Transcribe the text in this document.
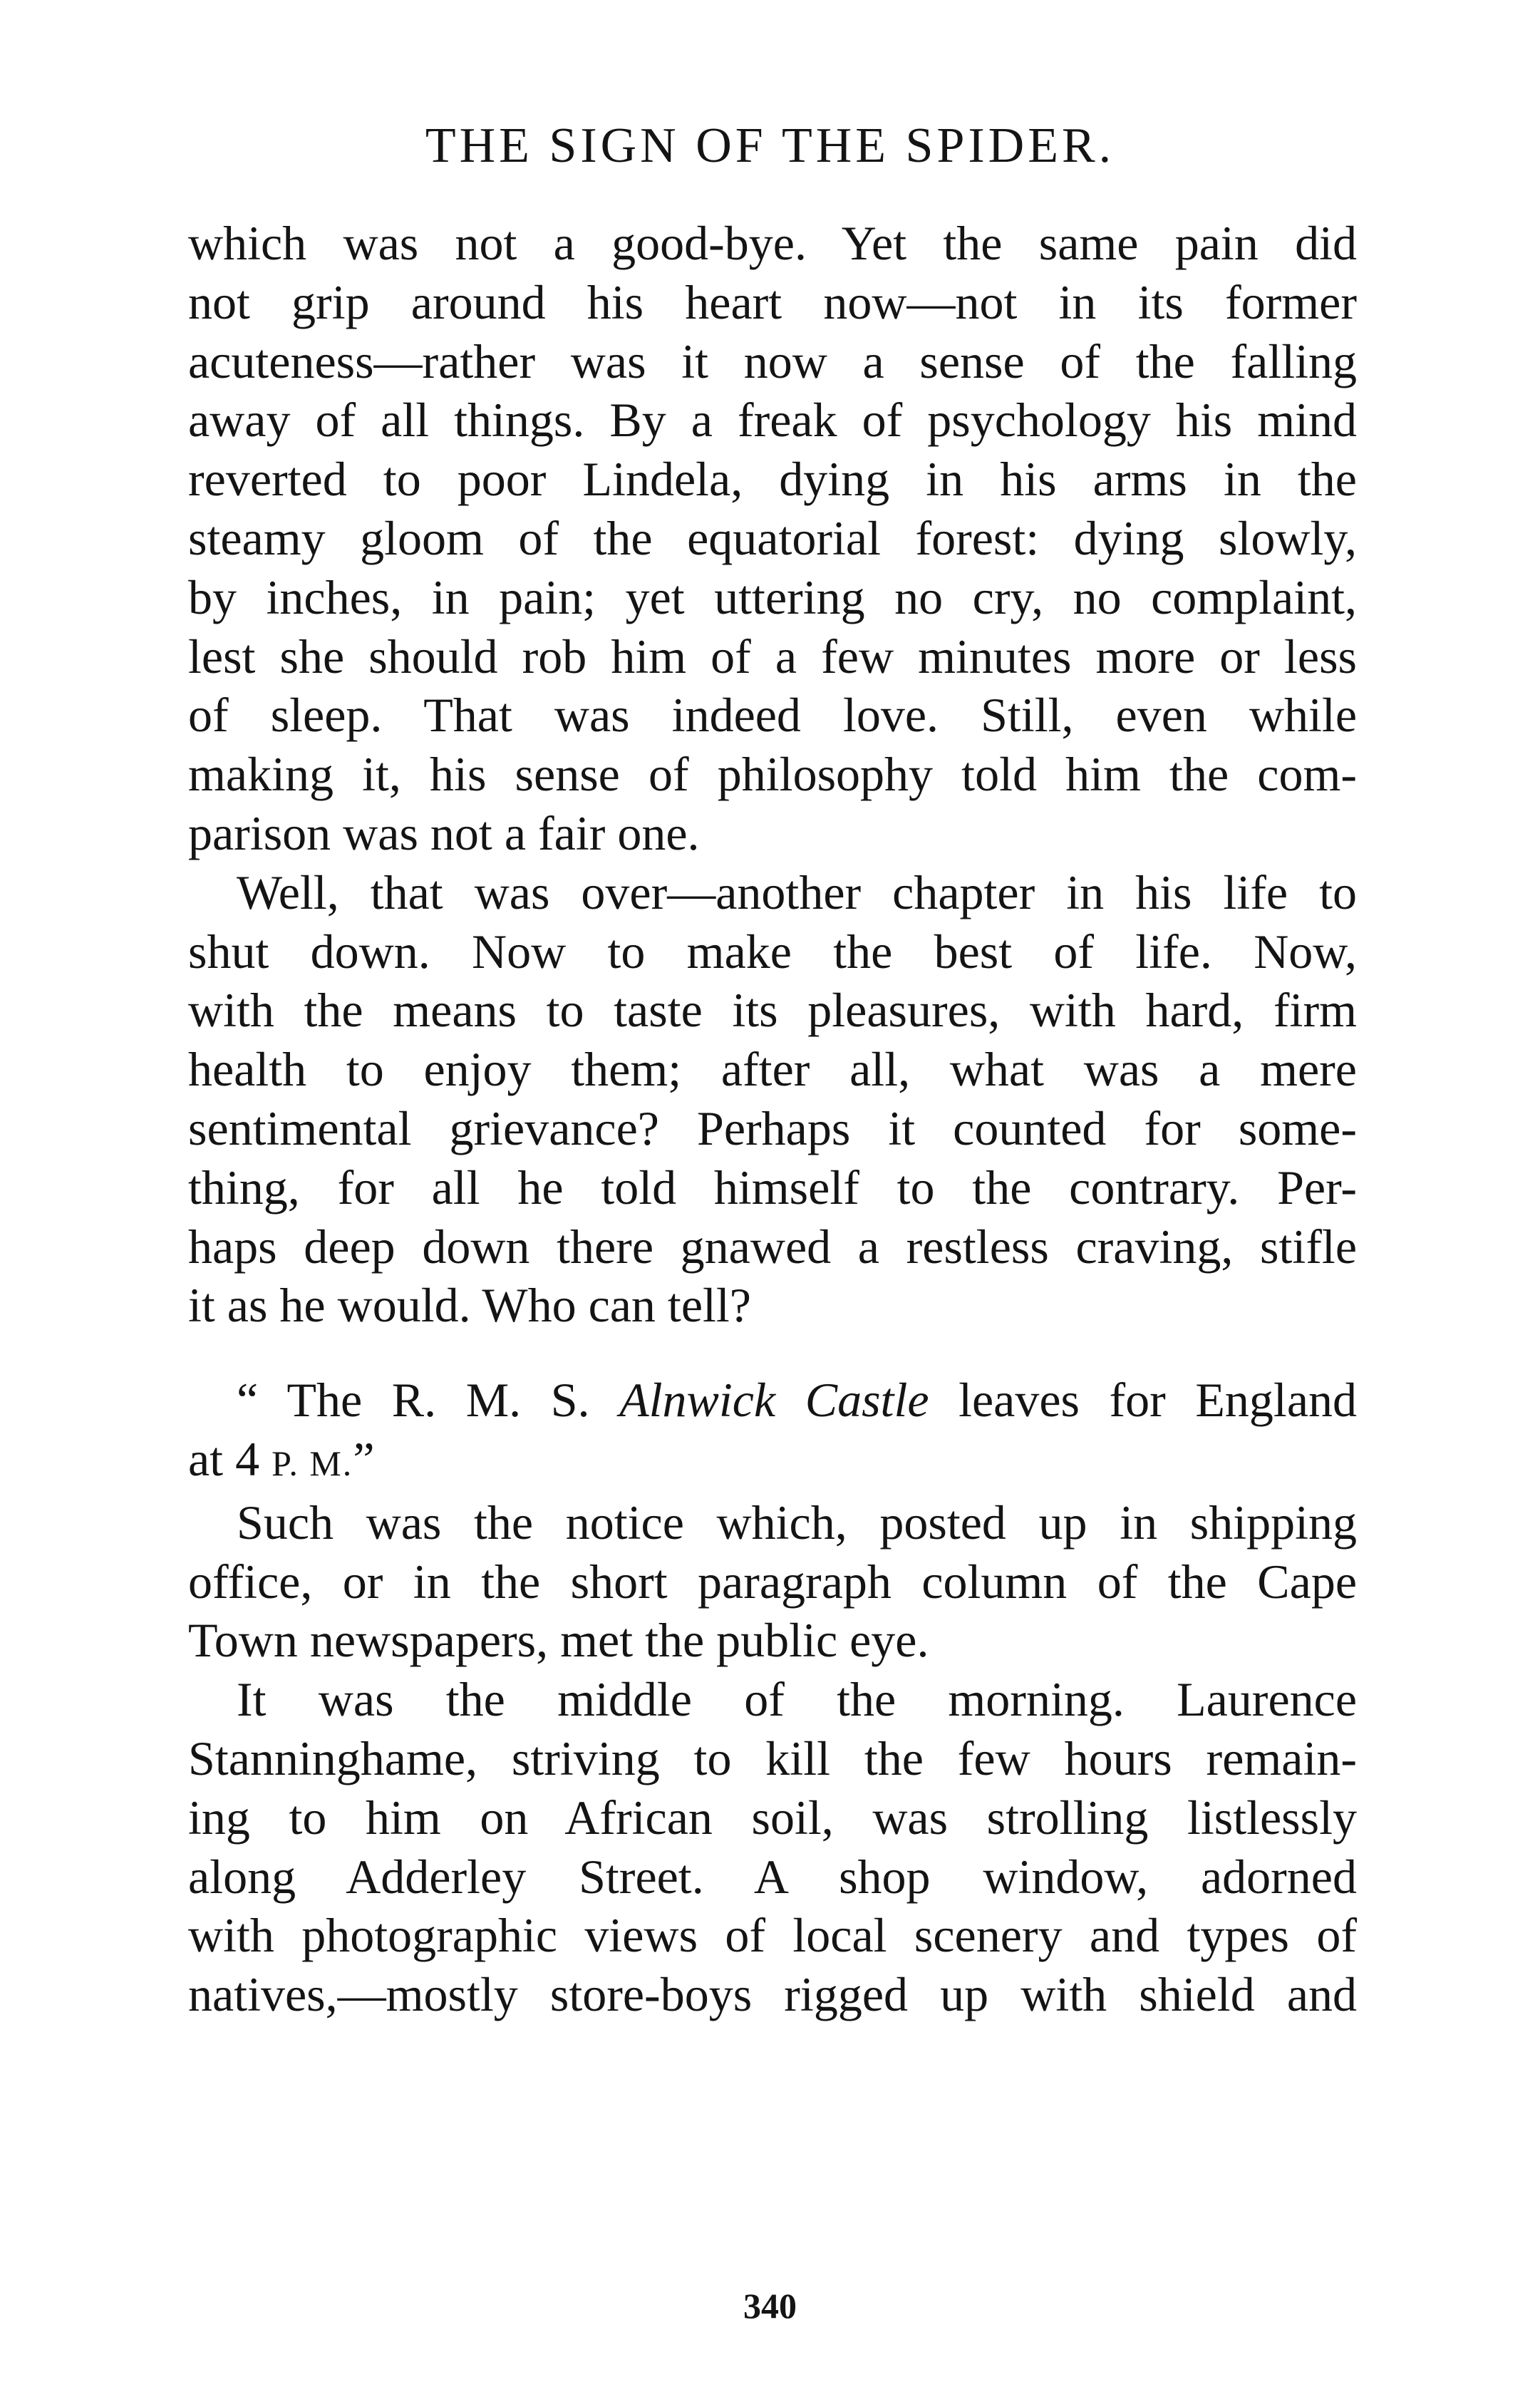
THE SIGN OF THE SPIDER.
which was not a good-bye. Yet the same pain did
not grip around his heart now—not in its former
acuteness—rather was it now a sense of the falling
away of all things. By a freak of psychology his mind
reverted to poor Lindela, dying in his arms in the
steamy gloom of the equatorial forest: dying slowly,
by inches, in pain; yet uttering no cry, no complaint,
lest she should rob him of a few minutes more or less
of sleep. That was indeed love. Still, even while
making it, his sense of philosophy told him the com-
parison was not a fair one.
Well, that was over—another chapter in his life to
shut down. Now to make the best of life. Now,
with the means to taste its pleasures, with hard, firm
health to enjoy them; after all, what was a mere
sentimental grievance? Perhaps it counted for some-
thing, for all he told himself to the contrary. Per-
haps deep down there gnawed a restless craving, stifle
it as he would. Who can tell?
“ The R. M. S. Alnwick Castle leaves for England
at 4 P. M.”
Such was the notice which, posted up in shipping
office, or in the short paragraph column of the Cape
Town newspapers, met the public eye.
It was the middle of the morning. Laurence
Stanninghame, striving to kill the few hours remain-
ing to him on African soil, was strolling listlessly
along Adderley Street. A shop window, adorned
with photographic views of local scenery and types of
natives,—mostly store-boys rigged up with shield and
340
